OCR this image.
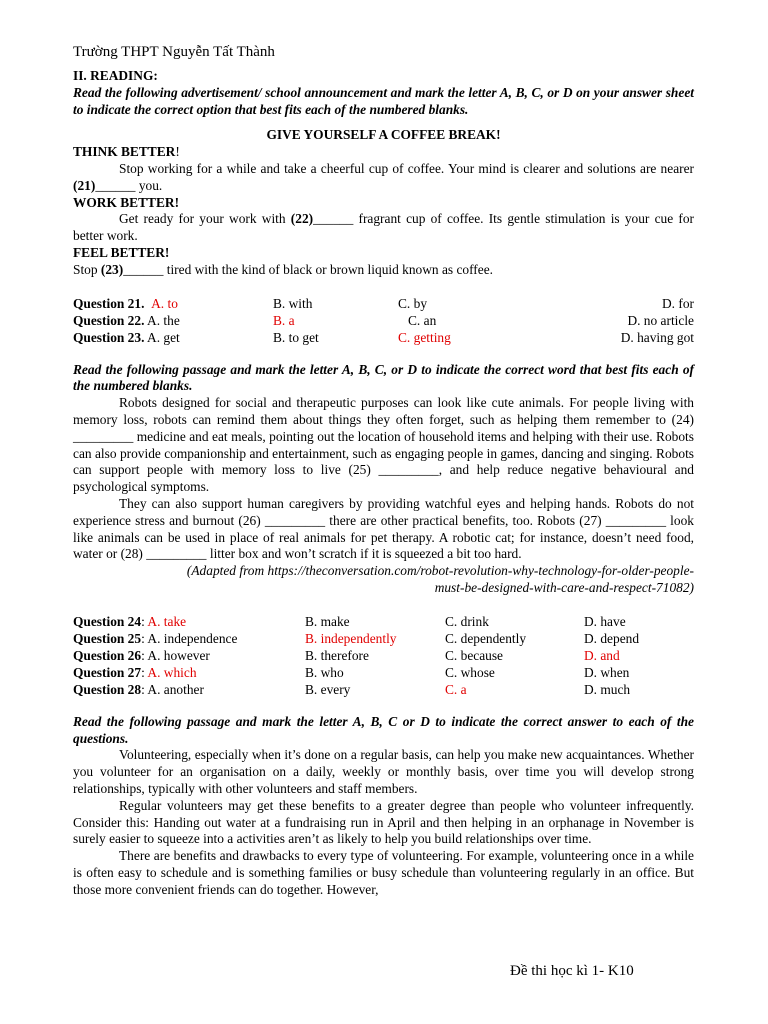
Trường THPT Nguyễn Tất Thành
II. READING:
Read the following advertisement/ school announcement and mark the letter A, B, C, or D on your answer sheet to indicate the correct option that best fits each of the numbered blanks.
GIVE YOURSELF A COFFEE BREAK!
THINK BETTER!
Stop working for a while and take a cheerful cup of coffee. Your mind is clearer and solutions are nearer (21)______ you.
WORK BETTER!
Get ready for your work with (22)______ fragrant cup of coffee. Its gentle stimulation is your cue for better work.
FEEL BETTER!
Stop (23)______ tired with the kind of black or brown liquid known as coffee.
Question 21. A. to	B. with	C. by	D. for
Question 22. A. the	B. a	C. an	D. no article
Question 23. A. get	B. to get	C. getting	D. having got
Read the following passage and mark the letter A, B, C, or D to indicate the correct word that best fits each of the numbered blanks.
Robots designed for social and therapeutic purposes can look like cute animals. For people living with memory loss, robots can remind them about things they often forget, such as helping them remember to (24) _________ medicine and eat meals, pointing out the location of household items and helping with their use. Robots can also provide companionship and entertainment, such as engaging people in games, dancing and singing. Robots can support people with memory loss to live (25) _________, and help reduce negative behavioural and psychological symptoms.
They can also support human caregivers by providing watchful eyes and helping hands. Robots do not experience stress and burnout (26) _________ there are other practical benefits, too. Robots (27) _________ look like animals can be used in place of real animals for pet therapy. A robotic cat; for instance, doesn’t need food, water or (28) _________ litter box and won’t scratch if it is squeezed a bit too hard.
(Adapted from https://theconversation.com/robot-revolution-why-technology-for-older-people-
must-be-designed-with-care-and-respect-71082)
Question 24: A. take	B. make	C. drink	D. have
Question 25: A. independence	B. independently	C. dependently	D. depend
Question 26: A. however	B. therefore	C. because	D. and
Question 27: A. which	B. who	C. whose	D. when
Question 28: A. another	B. every	C. a	D. much
Read the following passage and mark the letter A, B, C or D to indicate the correct answer to each of the questions.
Volunteering, especially when it’s done on a regular basis, can help you make new acquaintances. Whether you volunteer for an organisation on a daily, weekly or monthly basis, over time you will develop strong relationships, typically with other volunteers and staff members.
Regular volunteers may get these benefits to a greater degree than people who volunteer infrequently. Consider this: Handing out water at a fundraising run in April and then helping in an orphanage in November is surely easier to squeeze into a activities aren’t as likely to help you build relationships over time.
There are benefits and drawbacks to every type of volunteering. For example, volunteering once in a while is often easy to schedule and is something families or busy schedule than volunteering regularly in an office. But those more convenient friends can do together. However,
Đề thi học kì 1- K10
